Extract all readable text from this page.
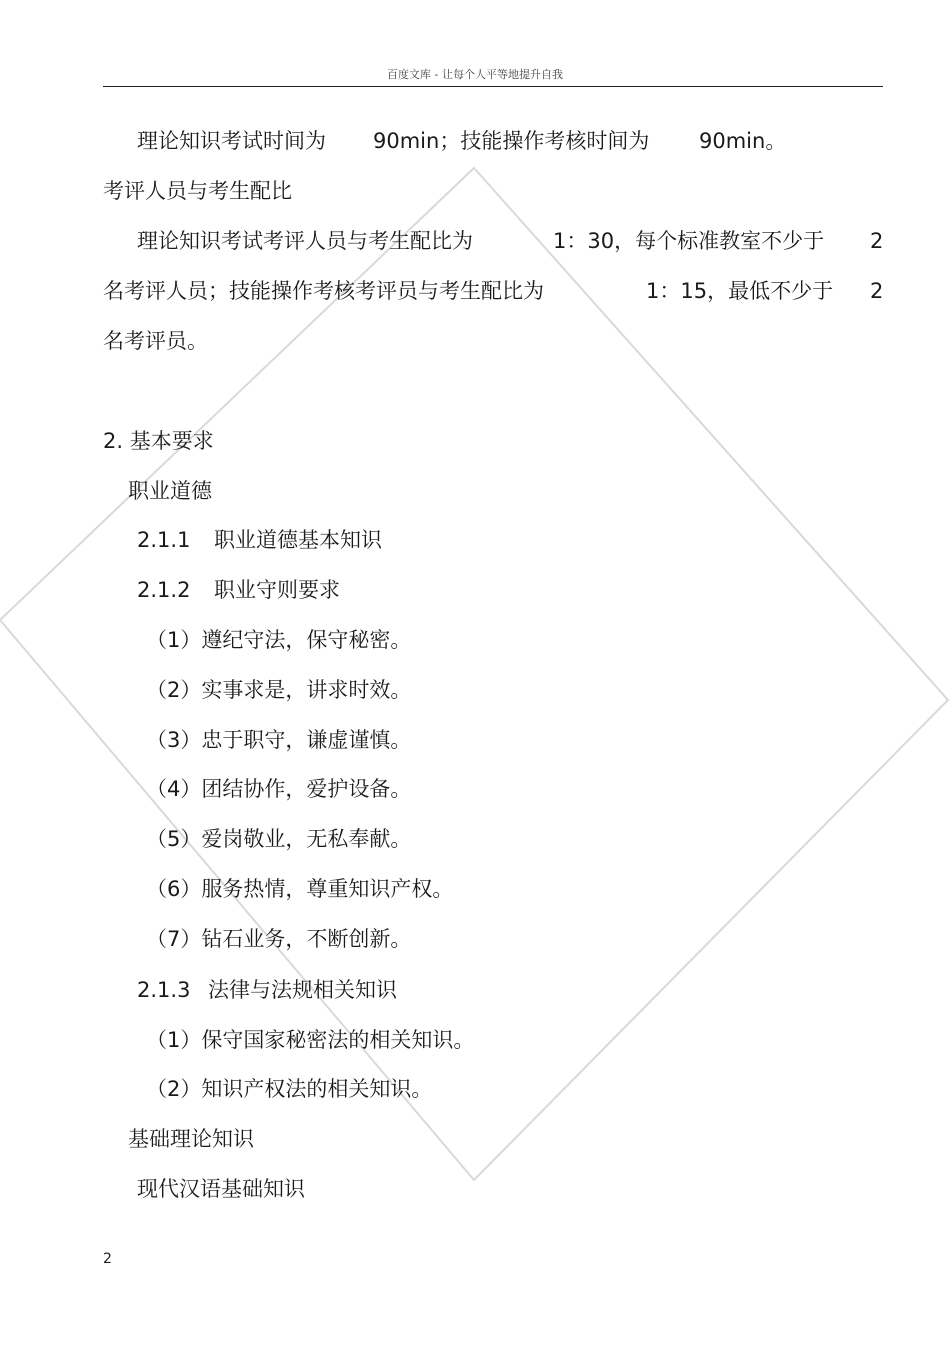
百度文库 - 让每个人平等地提升自我
理论知识考试时间为 90min；技能操作考核时间为 90min。
考评人员与考生配比
理论知识考试考评人员与考生配比为	1：30，每个标准教室不少于 2
名考评人员；技能操作考核考评员与考生配比为	1：15，最低不少于 2
名考评员。
2. 基本要求
职业道德
2.1.1 职业道德基本知识
2.1.2 职业守则要求
（1）遵纪守法，保守秘密。
（2）实事求是，讲求时效。
（3）忠于职守，谦虚谨慎。
（4）团结协作，爱护设备。
（5）爱岗敬业，无私奉献。
（6）服务热情，尊重知识产权。
（7）钻石业务，不断创新。
2.1.3 法律与法规相关知识
（1）保守国家秘密法的相关知识。
（2）知识产权法的相关知识。
基础理论知识
现代汉语基础知识
2
